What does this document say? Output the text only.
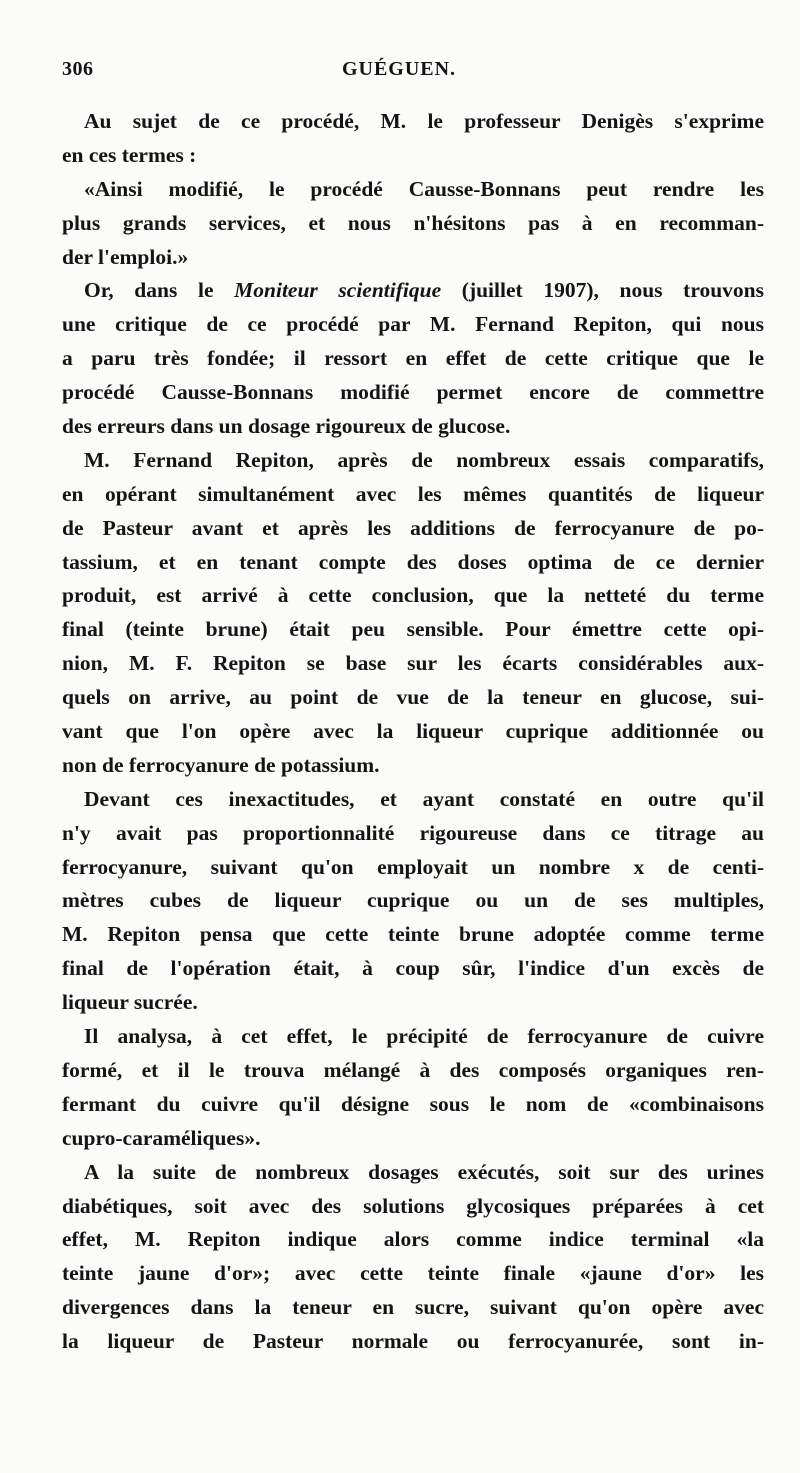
306	GUÉGUEN.
Au sujet de ce procédé, M. le professeur Denigès s'exprime
en ces termes :
«Ainsi modifié, le procédé Causse-Bonnans peut rendre les
plus grands services, et nous n'hésitons pas à en recomman-
der l'emploi.»
Or, dans le Moniteur scientifique (juillet 1907), nous trouvons
une critique de ce procédé par M. Fernand Repiton, qui nous
a paru très fondée; il ressort en effet de cette critique que le
procédé Causse-Bonnans modifié permet encore de commettre
des erreurs dans un dosage rigoureux de glucose.
M. Fernand Repiton, après de nombreux essais comparatifs,
en opérant simultanément avec les mêmes quantités de liqueur
de Pasteur avant et après les additions de ferrocyanure de po-
tassium, et en tenant compte des doses optima de ce dernier
produit, est arrivé à cette conclusion, que la netteté du terme
final (teinte brune) était peu sensible. Pour émettre cette opi-
nion, M. F. Repiton se base sur les écarts considérables aux-
quels on arrive, au point de vue de la teneur en glucose, sui-
vant que l'on opère avec la liqueur cuprique additionnée ou
non de ferrocyanure de potassium.
Devant ces inexactitudes, et ayant constaté en outre qu'il
n'y avait pas proportionnalité rigoureuse dans ce titrage au
ferrocyanure, suivant qu'on employait un nombre x de centi-
mètres cubes de liqueur cuprique ou un de ses multiples,
M. Repiton pensa que cette teinte brune adoptée comme terme
final de l'opération était, à coup sûr, l'indice d'un excès de
liqueur sucrée.
Il analysa, à cet effet, le précipité de ferrocyanure de cuivre
formé, et il le trouva mélangé à des composés organiques ren-
fermant du cuivre qu'il désigne sous le nom de «combinaisons
cupro-caraméliques».
A la suite de nombreux dosages exécutés, soit sur des urines
diabétiques, soit avec des solutions glycosiques préparées à cet
effet, M. Repiton indique alors comme indice terminal «la
teinte jaune d'or»; avec cette teinte finale «jaune d'or» les
divergences dans la teneur en sucre, suivant qu'on opère avec
la liqueur de Pasteur normale ou ferrocyanurée, sont in-
